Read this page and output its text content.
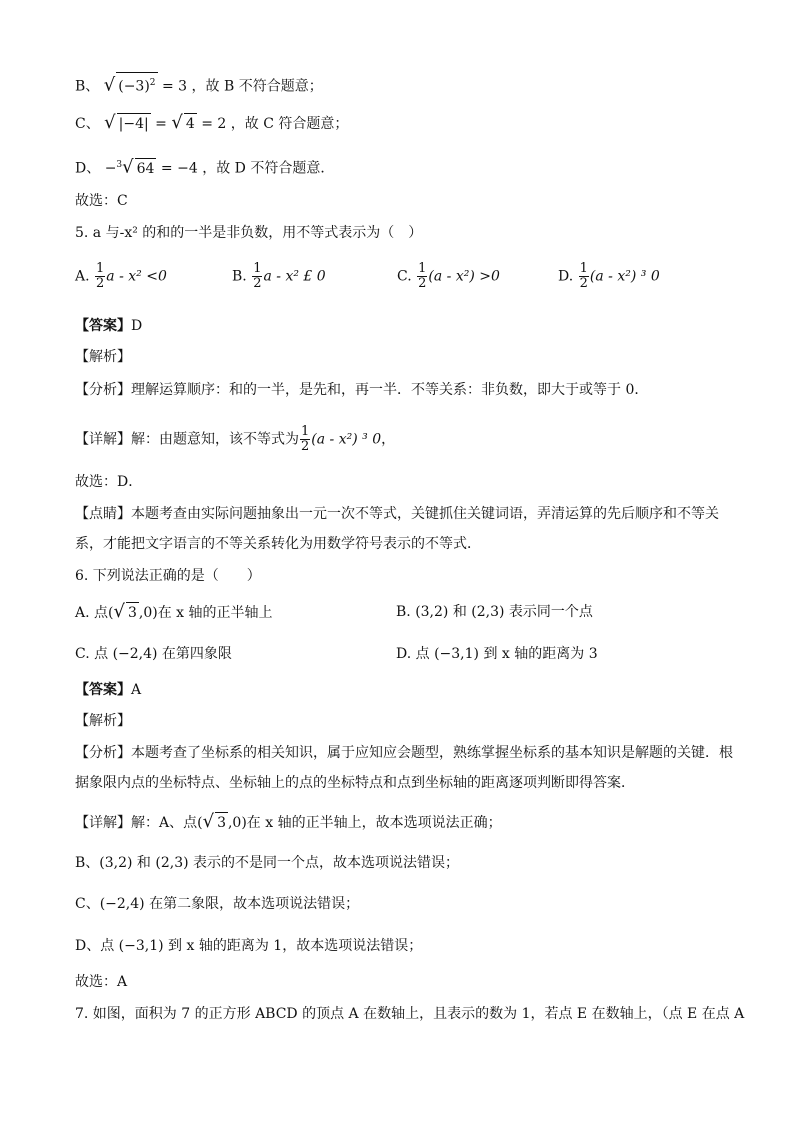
B、 √ $(-3)^2 = 3$ ，故 B 不符合题意；
C、 √ |−4| = √ 4 = 2 ，故 C 符合题意；
D、 −$^3$√ 64 = −4 ，故 D 不符合题意．
故选：C
5. a 与-x² 的和的一半是非负数，用不等式表示为（　）
A. $\frac{1}{2}$ a - x² <0	B. $\frac{1}{2}$ a - x² £ 0	C. $\frac{1}{2} (a - x^2) >0$	D. $\frac{1}{2} (a - x^2)$ ³ 0
【答案】D
【解析】
【分析】理解运算顺序：和的一半，是先和，再一半．不等关系：非负数，即大于或等于 0．
【详解】解：由题意知，该不等式为 $\frac{1}{2} (a - x^2)$ ³ 0，
故选：D．
【点睛】本题考查由实际问题抽象出一元一次不等式，关键抓住关键词语，弄清运算的先后顺序和不等关
系，才能把文字语言的不等关系转化为用数学符号表示的不等式．
6. 下列说法正确的是（　　）
A. 点(√ 3 ,0)在 x 轴的正半轴上	B. (3,2) 和 (2,3) 表示同一个点
C. 点 (−2,4) 在第四象限	D. 点 (−3,1) 到 x 轴的距离为 3
【答案】A
【解析】
【分析】本题考查了坐标系的相关知识，属于应知应会题型，熟练掌握坐标系的基本知识是解题的关键．根
据象限内点的坐标特点、坐标轴上的点的坐标特点和点到坐标轴的距离逐项判断即得答案．
【详解】解：A、点(√ 3 ,0)在 x 轴的正半轴上，故本选项说法正确；
B、(3,2) 和 (2,3) 表示的不是同一个点，故本选项说法错误；
C、(−2,4) 在第二象限，故本选项说法错误；
D、点 (−3,1) 到 x 轴的距离为 1，故本选项说法错误；
故选：A
7. 如图，面积为 7 的正方形 ABCD 的顶点 A 在数轴上，且表示的数为 1，若点 E 在数轴上，（点 E 在点 A
